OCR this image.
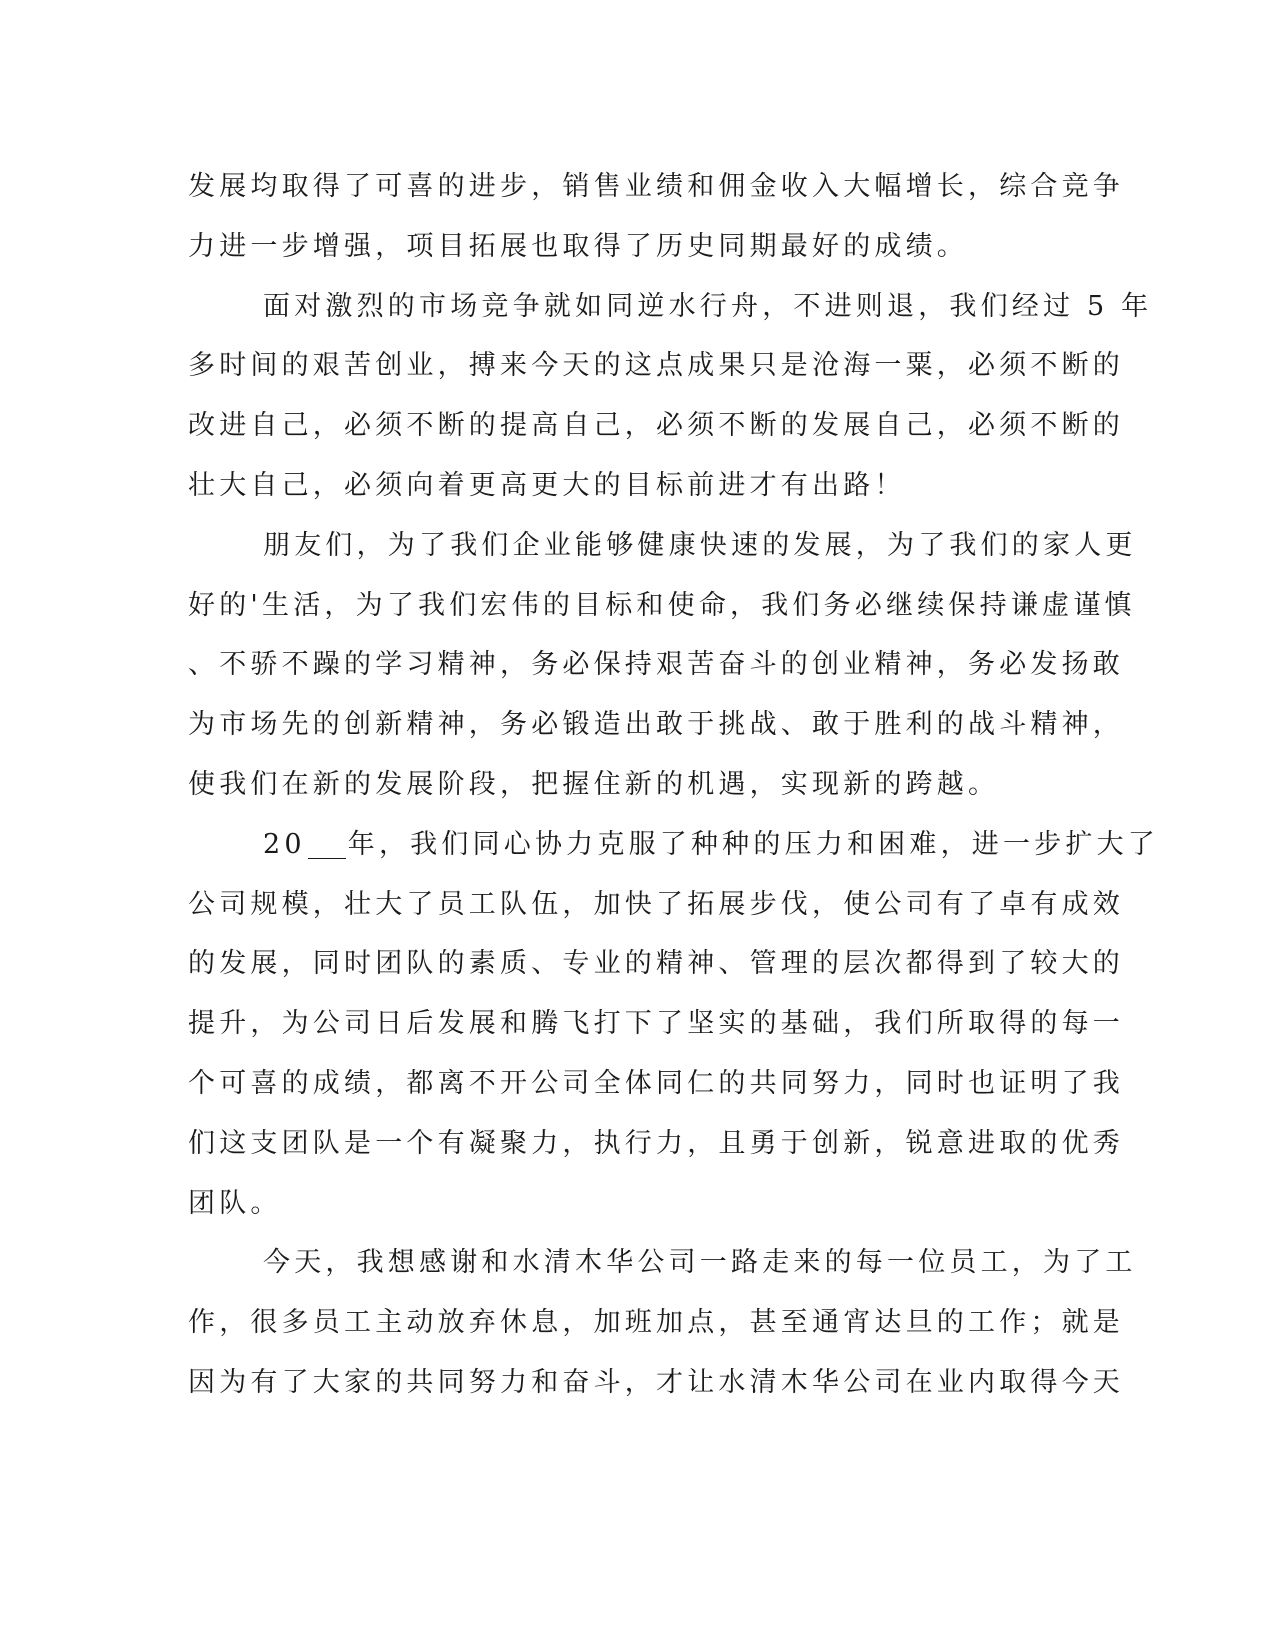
发展均取得了可喜的进步，销售业绩和佣金收入大幅增长，综合竞争
力进一步增强，项目拓展也取得了历史同期最好的成绩。
面对激烈的市场竞争就如同逆水行舟，不进则退，我们经过 5 年
多时间的艰苦创业，搏来今天的这点成果只是沧海一粟，必须不断的
改进自己，必须不断的提高自己，必须不断的发展自己，必须不断的
壮大自己，必须向着更高更大的目标前进才有出路！
朋友们，为了我们企业能够健康快速的发展，为了我们的家人更
好的'生活，为了我们宏伟的目标和使命，我们务必继续保持谦虚谨慎
、不骄不躁的学习精神，务必保持艰苦奋斗的创业精神，务必发扬敢
为市场先的创新精神，务必锻造出敢于挑战、敢于胜利的战斗精神，
使我们在新的发展阶段，把握住新的机遇，实现新的跨越。
20 年，我们同心协力克服了种种的压力和困难，进一步扩大了
公司规模，壮大了员工队伍，加快了拓展步伐，使公司有了卓有成效
的发展，同时团队的素质、专业的精神、管理的层次都得到了较大的
提升，为公司日后发展和腾飞打下了坚实的基础，我们所取得的每一
个可喜的成绩，都离不开公司全体同仁的共同努力，同时也证明了我
们这支团队是一个有凝聚力，执行力，且勇于创新，锐意进取的优秀
团队。
今天，我想感谢和水清木华公司一路走来的每一位员工，为了工
作，很多员工主动放弃休息，加班加点，甚至通宵达旦的工作；就是
因为有了大家的共同努力和奋斗，才让水清木华公司在业内取得今天
